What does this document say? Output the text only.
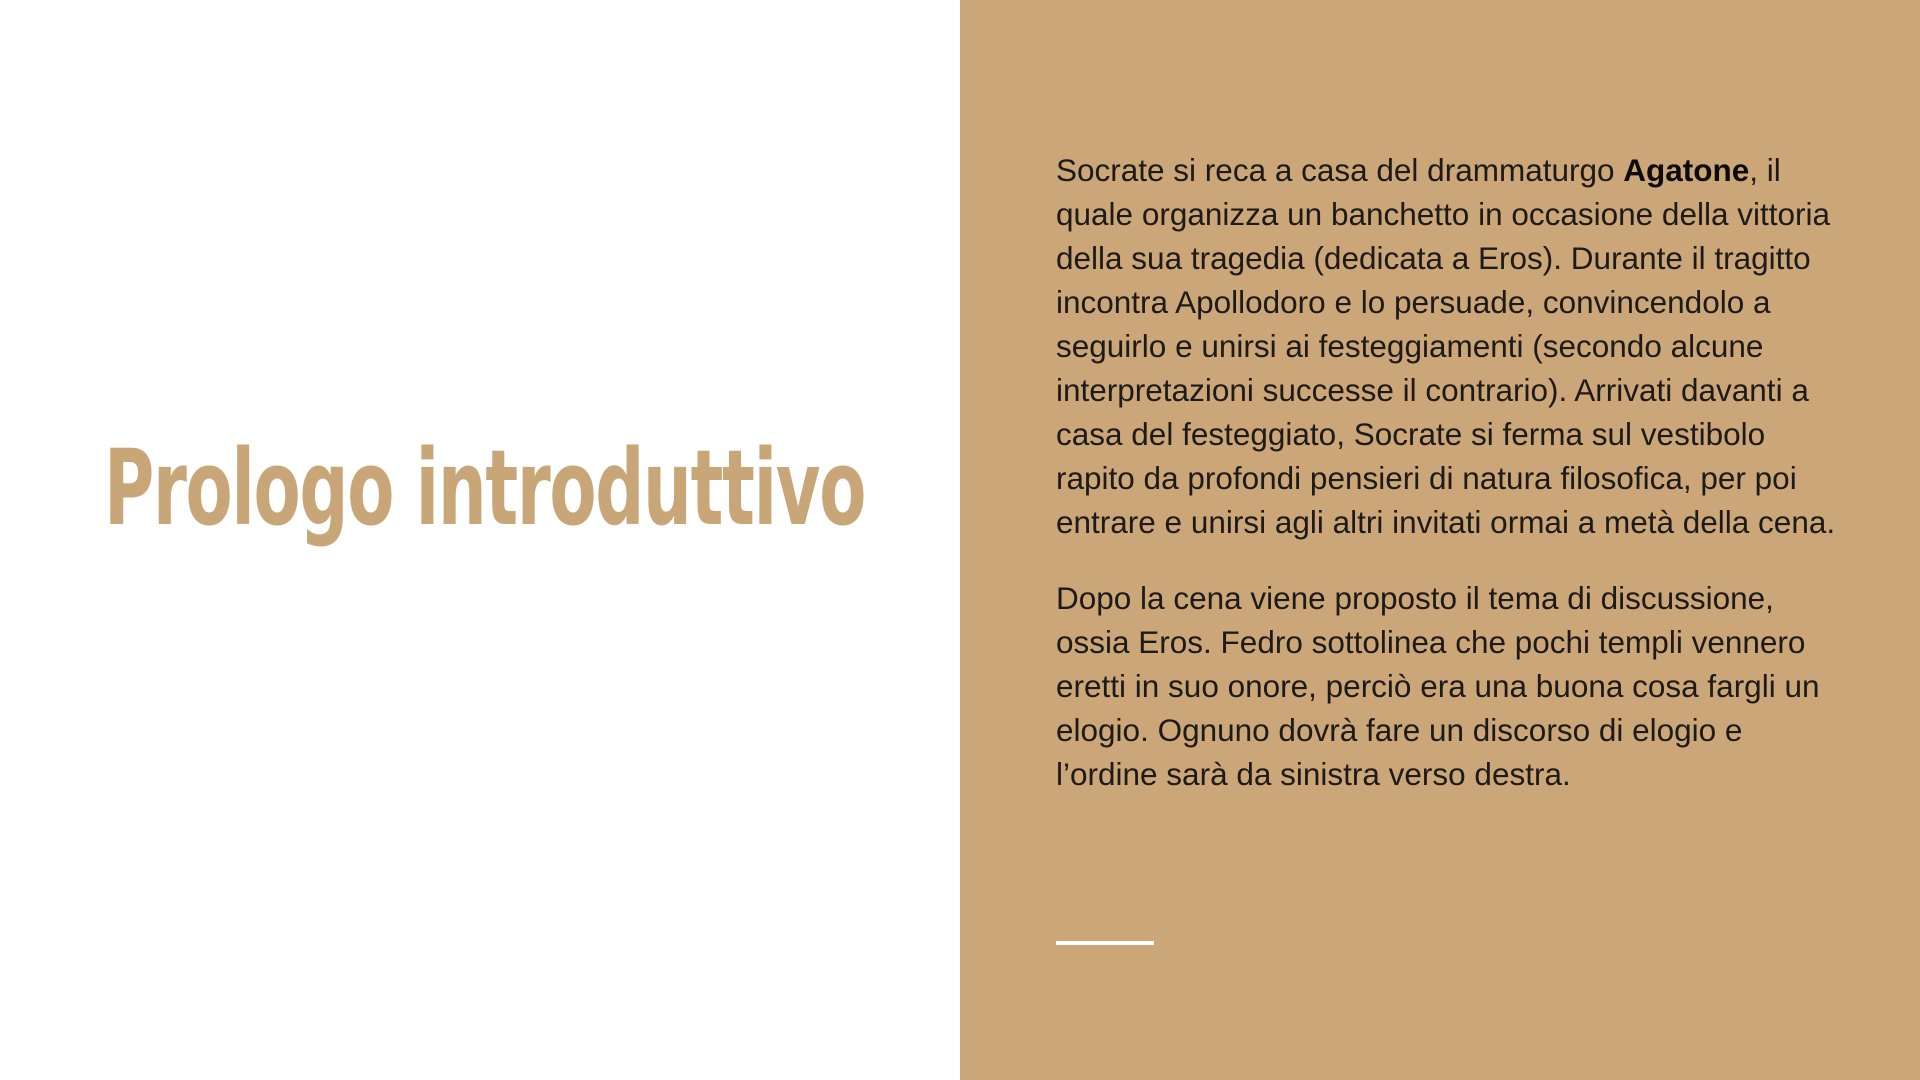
Prologo introduttivo

Socrate si reca a casa del drammaturgo Agatone, il quale organizza un banchetto in occasione della vittoria della sua tragedia (dedicata a Eros). Durante il tragitto incontra Apollodoro e lo persuade, convincendolo a seguirlo e unirsi ai festeggiamenti (secondo alcune interpretazioni successe il contrario). Arrivati davanti a casa del festeggiato, Socrate si ferma sul vestibolo rapito da profondi pensieri di natura filosofica, per poi entrare e unirsi agli altri invitati ormai a metà della cena.

Dopo la cena viene proposto il tema di discussione, ossia Eros. Fedro sottolinea che pochi templi vennero eretti in suo onore, perciò era una buona cosa fargli un elogio. Ognuno dovrà fare un discorso di elogio e l’ordine sarà da sinistra verso destra.
